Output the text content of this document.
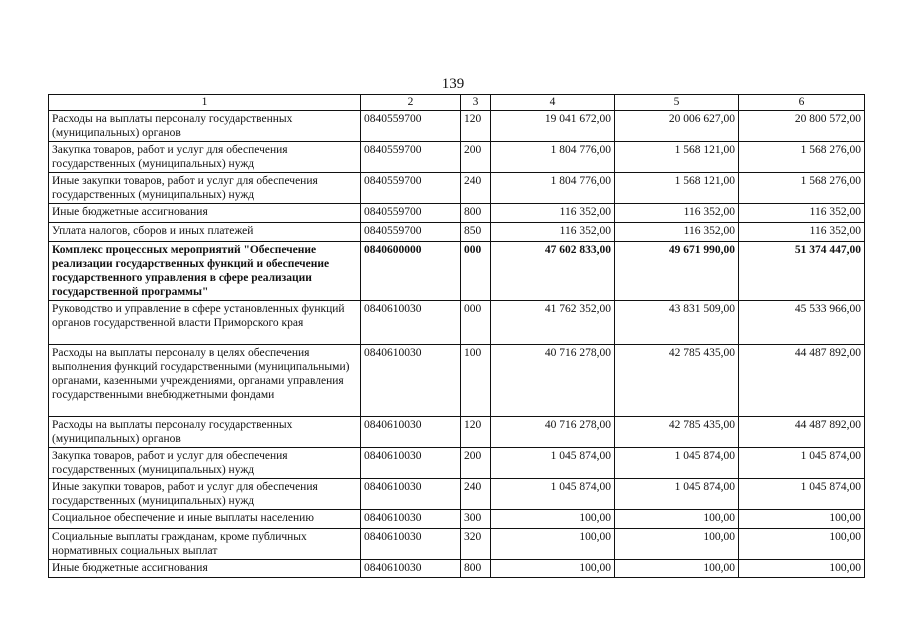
139
1	2	3	4	5	6
Расходы на выплаты персоналу государственных (муниципальных) органов	0840559700	120	19 041 672,00	20 006 627,00	20 800 572,00
Закупка товаров, работ и услуг для обеспечения государственных (муниципальных) нужд	0840559700	200	1 804 776,00	1 568 121,00	1 568 276,00
Иные закупки товаров, работ и услуг для обеспечения государственных (муниципальных) нужд	0840559700	240	1 804 776,00	1 568 121,00	1 568 276,00
Иные бюджетные ассигнования	0840559700	800	116 352,00	116 352,00	116 352,00
Уплата налогов, сборов и иных платежей	0840559700	850	116 352,00	116 352,00	116 352,00
Комплекс процессных мероприятий "Обеспечение реализации государственных функций и обеспечение государственного управления в сфере реализации государственной программы"	0840600000	000	47 602 833,00	49 671 990,00	51 374 447,00
Руководство и управление в сфере установленных функций органов государственной власти Приморского края	0840610030	000	41 762 352,00	43 831 509,00	45 533 966,00
Расходы на выплаты персоналу в целях обеспечения выполнения функций государственными (муниципальными) органами, казенными учреждениями, органами управления государственными внебюджетными фондами	0840610030	100	40 716 278,00	42 785 435,00	44 487 892,00
Расходы на выплаты персоналу государственных (муниципальных) органов	0840610030	120	40 716 278,00	42 785 435,00	44 487 892,00
Закупка товаров, работ и услуг для обеспечения государственных (муниципальных) нужд	0840610030	200	1 045 874,00	1 045 874,00	1 045 874,00
Иные закупки товаров, работ и услуг для обеспечения государственных (муниципальных) нужд	0840610030	240	1 045 874,00	1 045 874,00	1 045 874,00
Социальное обеспечение и иные выплаты населению	0840610030	300	100,00	100,00	100,00
Социальные выплаты гражданам, кроме публичных нормативных социальных выплат	0840610030	320	100,00	100,00	100,00
Иные бюджетные ассигнования	0840610030	800	100,00	100,00	100,00
